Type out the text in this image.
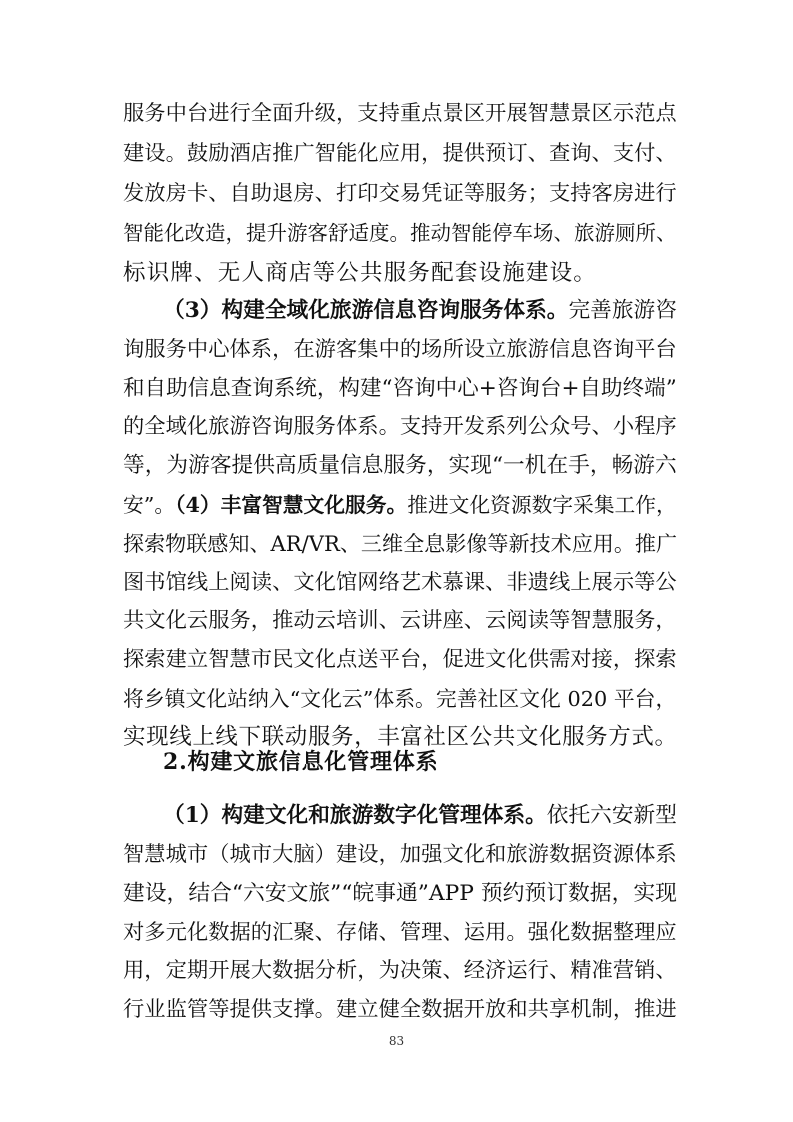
服务中台进行全面升级，支持重点景区开展智慧景区示范点
建设。鼓励酒店推广智能化应用，提供预订、查询、支付、
发放房卡、自助退房、打印交易凭证等服务；支持客房进行
智能化改造，提升游客舒适度。推动智能停车场、旅游厕所、
标识牌、无人商店等公共服务配套设施建设。
（3）构建全域化旅游信息咨询服务体系。完善旅游咨
询服务中心体系，在游客集中的场所设立旅游信息咨询平台
和自助信息查询系统，构建“咨询中心+咨询台+自助终端”
的全域化旅游咨询服务体系。支持开发系列公众号、小程序
等，为游客提供高质量信息服务，实现“一机在手，畅游六
安”。（4）丰富智慧文化服务。推进文化资源数字采集工作，
探索物联感知、AR/VR、三维全息影像等新技术应用。推广
图书馆线上阅读、文化馆网络艺术慕课、非遗线上展示等公
共文化云服务，推动云培训、云讲座、云阅读等智慧服务，
探索建立智慧市民文化点送平台，促进文化供需对接，探索
将乡镇文化站纳入“文化云”体系。完善社区文化 020 平台，
实现线上线下联动服务，丰富社区公共文化服务方式。
2.构建文旅信息化管理体系
（1）构建文化和旅游数字化管理体系。依托六安新型
智慧城市（城市大脑）建设，加强文化和旅游数据资源体系
建设，结合“六安文旅”“皖事通”APP 预约预订数据，实现
对多元化数据的汇聚、存储、管理、运用。强化数据整理应
用，定期开展大数据分析，为决策、经济运行、精准营销、
行业监管等提供支撑。建立健全数据开放和共享机制，推进
83
